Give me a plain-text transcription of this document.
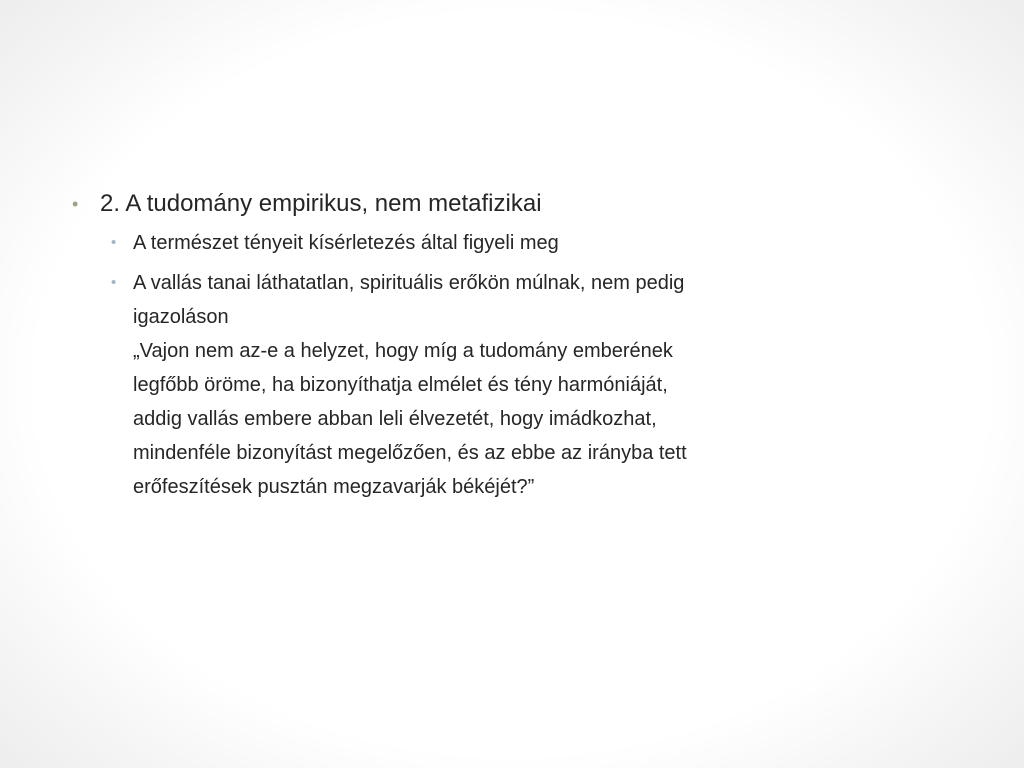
• 2. A tudomány empirikus, nem metafizikai
• A természet tényeit kísérletezés által figyeli meg
• A vallás tanai láthatatlan, spirituális erőkön múlnak, nem pedig
igazoláson
„Vajon nem az-e a helyzet, hogy míg a tudomány emberének
legfőbb öröme, ha bizonyíthatja elmélet és tény harmóniáját,
addig vallás embere abban leli élvezetét, hogy imádkozhat,
mindenféle bizonyítást megelőzően, és az ebbe az irányba tett
erőfeszítések pusztán megzavarják békéjét?”
